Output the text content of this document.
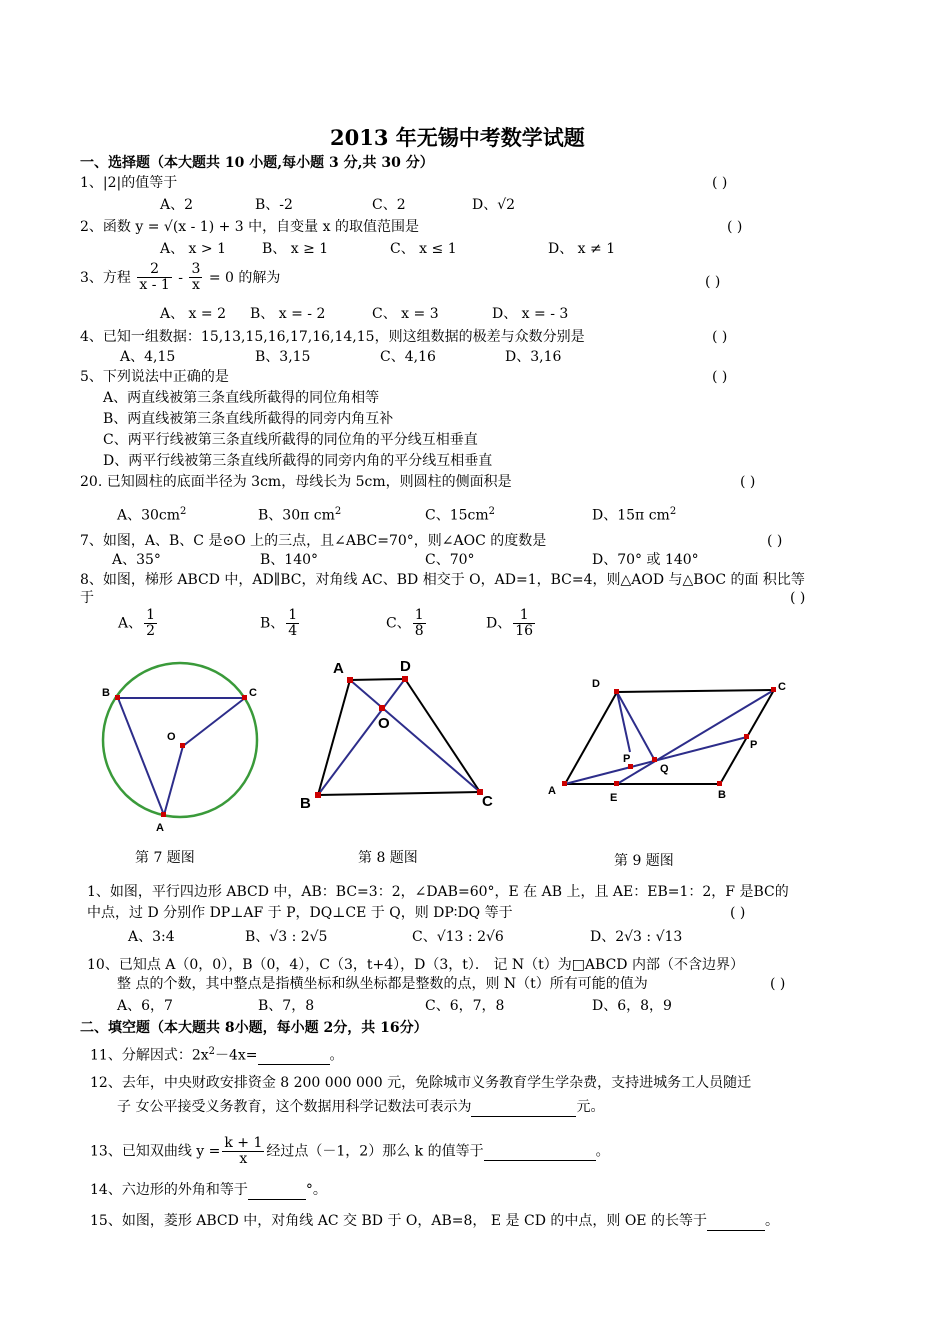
2013 年无锡中考数学试题
一、选择题（本大题共 10 小题,每小题 3 分,共 30 分）
1、|2|的值等于	( )
A、2	B、-2	C、2	D、√2
2、函数 y = √(x - 1) + 3 中，自变量 x 的取值范围是	( )
A、 x > 1	B、 x ≥ 1	C、 x ≤ 1	D、 x ≠ 1
3、方程 $\frac{2}{x - 1} - \frac{3}{x} = 0$ 的解为	( )
A、 x = 2 B、 x = - 2	C、 x = 3	D、 x = - 3
4、已知一组数据：15,13,15,16,17,16,14,15，则这组数据的极差与众数分别是	( )
A、4,15	B、3,15	C、4,16	D、3,16
5、下列说法中正确的是	( )
A、两直线被第三条直线所截得的同位角相等
B、两直线被第三条直线所截得的同旁内角互补
C、两平行线被第三条直线所截得的同位角的平分线互相垂直
D、两平行线被第三条直线所截得的同旁内角的平分线互相垂直
20. 已知圆柱的底面半径为 3cm，母线长为 5cm，则圆柱的侧面积是	( )
A、$30cm^2$	B、30π $cm^2$	C、$15cm^2$	D、15π $cm^2$
7、如图，A、B、C 是⊙O 上的三点，且∠ABC=70°，则∠AOC 的度数是	( )
A、35°	B、140°	C、70°	D、70° 或 140°
8、如图，梯形 ABCD 中，AD∥BC，对角线 AC、BD 相交于 O，AD=1，BC=4，则△AOD 与△BOC 的面 积比等
于	( )
A、 $\frac{1}{2}$	B、 $\frac{1}{4}$	C、 $\frac{1}{8}$	D、 $\frac{1}{16}$
B	C
O
A
A	D
O
B	C
D	C
A
E	B
P
P
Q
第 7 题图	第 8 题图	第 9 题图
1、如图，平行四边形 ABCD 中，AB：BC=3：2，∠DAB=60°，E 在 AB 上，且 AE：EB=1：2，F 是BC的
中点，过 D 分别作 DP⊥AF 于 P，DQ⊥CE 于 Q，则 DP∶DQ 等于	( )
A、3:4	B、√3 : 2√5	C、√13 : 2√6	D、2√3 : √13
10、已知点 A（0，0），B（0，4），C（3，t+4），D（3，t）． 记 N（t）为□ABCD 内部（不含边界）
整 点的个数，其中整点是指横坐标和纵坐标都是整数的点，则 N（t）所有可能的值为	( )
A、6，7	B、7，8	C、6，7，8	D、6，8，9
二、填空题（本大题共 8小题，每小题 2分，共 16分）
11、分解因式：$2x^2-4x=$	。
12、去年，中央财政安排资金 8 200 000 000 元，免除城市义务教育学生学杂费，支持进城务工人员随迁
子 女公平接受义务教育，这个数据用科学记数法可表示为	元。
13、已知双曲线 $y = \frac{k + 1}{x}$ 经过点（－1，2）那么 k 的值等于	。
14、六边形的外角和等于	°。
15、如图，菱形 ABCD 中，对角线 AC 交 BD 于 O，AB=8， E 是 CD 的中点，则 OE 的长等于	。
